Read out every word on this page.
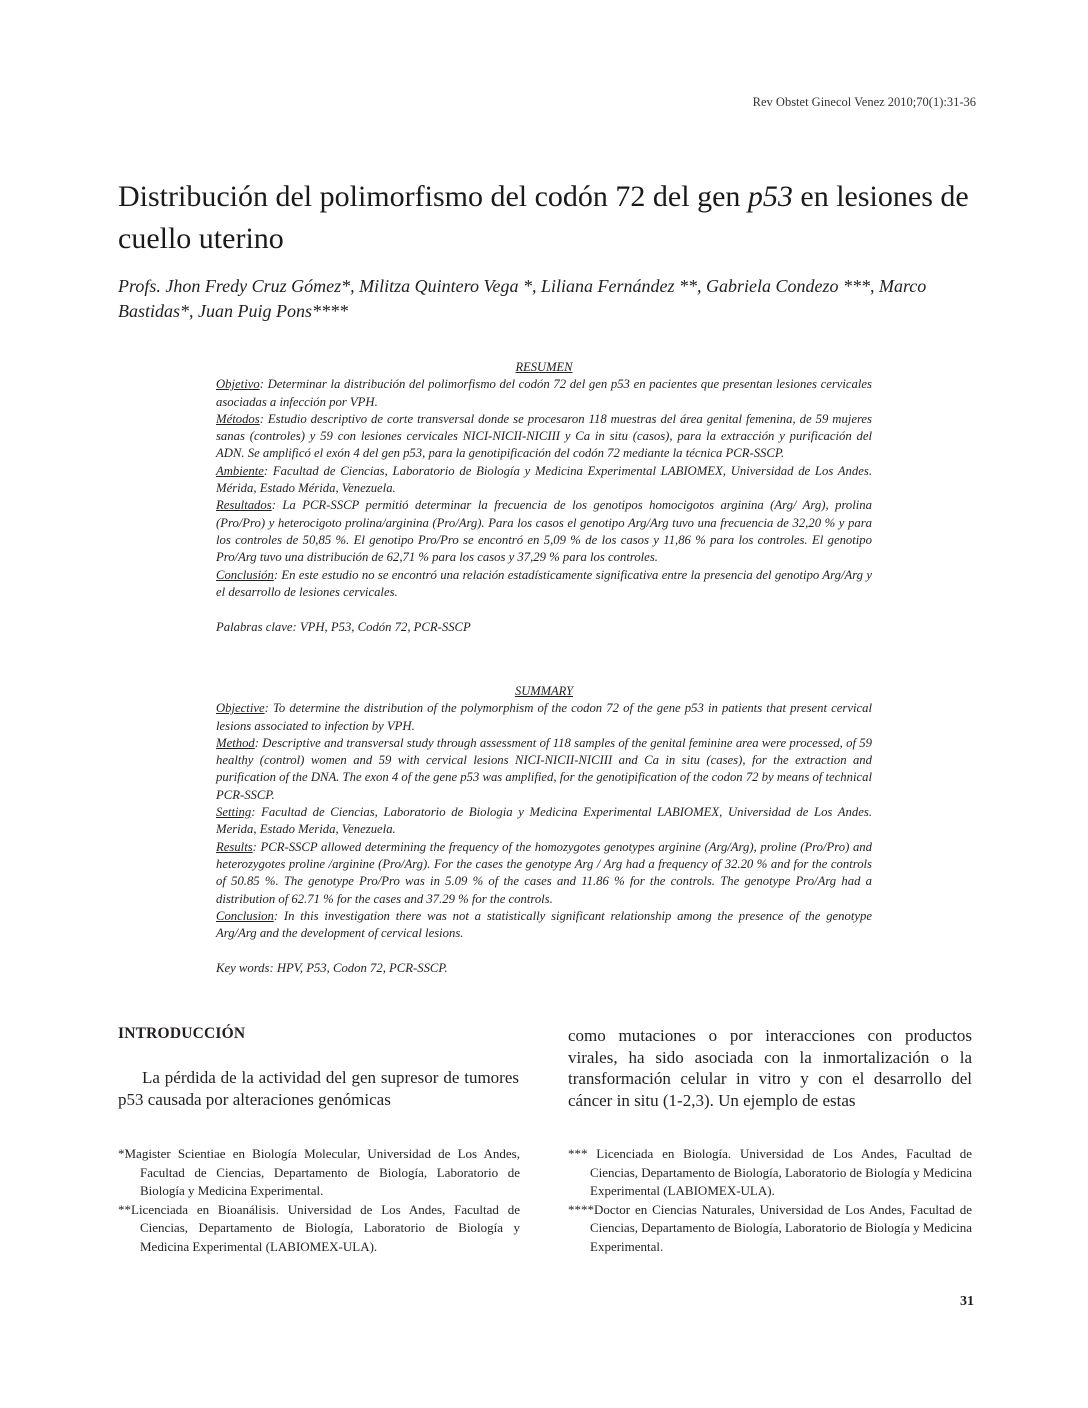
Rev Obstet Ginecol Venez 2010;70(1):31-36
Distribución del polimorfismo del codón 72 del gen p53 en lesiones de cuello uterino

Profs. Jhon Fredy Cruz Gómez*, Militza Quintero Vega *, Liliana Fernández **, Gabriela Condezo ***, Marco Bastidas*, Juan Puig Pons****

RESUMEN

Objetivo: Determinar la distribución del polimorfismo del codón 72 del gen p53 en pacientes que presentan lesiones cervicales asociadas a infección por VPH.

Métodos: Estudio descriptivo de corte transversal donde se procesaron 118 muestras del área genital femenina, de 59 mujeres sanas (controles) y 59 con lesiones cervicales NICI-NICII-NICIII y Ca in situ (casos), para la extracción y purificación del ADN. Se amplificó el exón 4 del gen p53, para la genotipificación del codón 72 mediante la técnica PCR-SSCP.

Ambiente: Facultad de Ciencias, Laboratorio de Biología y Medicina Experimental LABIOMEX, Universidad de Los Andes. Mérida, Estado Mérida, Venezuela.

Resultados: La PCR-SSCP permitió determinar la frecuencia de los genotipos homocigotos arginina (Arg/ Arg), prolina (Pro/Pro) y heterocigoto prolina/arginina (Pro/Arg). Para los casos el genotipo Arg/Arg tuvo una frecuencia de 32,20 % y para los controles de 50,85 %. El genotipo Pro/Pro se encontró en 5,09 % de los casos y 11,86 % para los controles. El genotipo Pro/Arg tuvo una distribución de 62,71 % para los casos y 37,29 % para los controles.

Conclusión: En este estudio no se encontró una relación estadísticamente significativa entre la presencia del genotipo Arg/Arg y el desarrollo de lesiones cervicales.

Palabras clave: VPH, P53, Codón 72, PCR-SSCP

SUMMARY

Objective: To determine the distribution of the polymorphism of the codon 72 of the gene p53 in patients that present cervical lesions associated to infection by VPH.

Method: Descriptive and transversal study through assessment of 118 samples of the genital feminine area were processed, of 59 healthy (control) women and 59 with cervical lesions NICI-NICII-NICIII and Ca in situ (cases), for the extraction and purification of the DNA. The exon 4 of the gene p53 was amplified, for the genotipification of the codon 72 by means of technical PCR-SSCP.

Setting: Facultad de Ciencias, Laboratorio de Biologia y Medicina Experimental LABIOMEX, Universidad de Los Andes. Merida, Estado Merida, Venezuela.

Results: PCR-SSCP allowed determining the frequency of the homozygotes genotypes arginine (Arg/Arg), proline (Pro/Pro) and heterozygotes proline /arginine (Pro/Arg). For the cases the genotype Arg / Arg had a frequency of 32.20 % and for the controls of 50.85 %. The genotype Pro/Pro was in 5.09 % of the cases and 11.86 % for the controls. The genotype Pro/Arg had a distribution of 62.71 % for the cases and 37.29 % for the controls.

Conclusion: In this investigation there was not a statistically significant relationship among the presence of the genotype Arg/Arg and the development of cervical lesions.

Key words: HPV, P53, Codon 72, PCR-SSCP.

INTRODUCCIÓN

La pérdida de la actividad del gen supresor de tumores p53 causada por alteraciones genómicas

como mutaciones o por interacciones con productos virales, ha sido asociada con la inmortalización o la transformación celular in vitro y con el desarrollo del cáncer in situ (1-2,3). Un ejemplo de estas

*Magister Scientiae en Biología Molecular, Universidad de Los Andes, Facultad de Ciencias, Departamento de Biología, Laboratorio de Biología y Medicina Experimental.

**Licenciada en Bioanálisis. Universidad de Los Andes, Facultad de Ciencias, Departamento de Biología, Laboratorio de Biología y Medicina Experimental (LABIOMEX-ULA).

*** Licenciada en Biología. Universidad de Los Andes, Facultad de Ciencias, Departamento de Biología, Laboratorio de Biología y Medicina Experimental (LABIOMEX-ULA).

****Doctor en Ciencias Naturales, Universidad de Los Andes, Facultad de Ciencias, Departamento de Biología, Laboratorio de Biología y Medicina Experimental.

31
